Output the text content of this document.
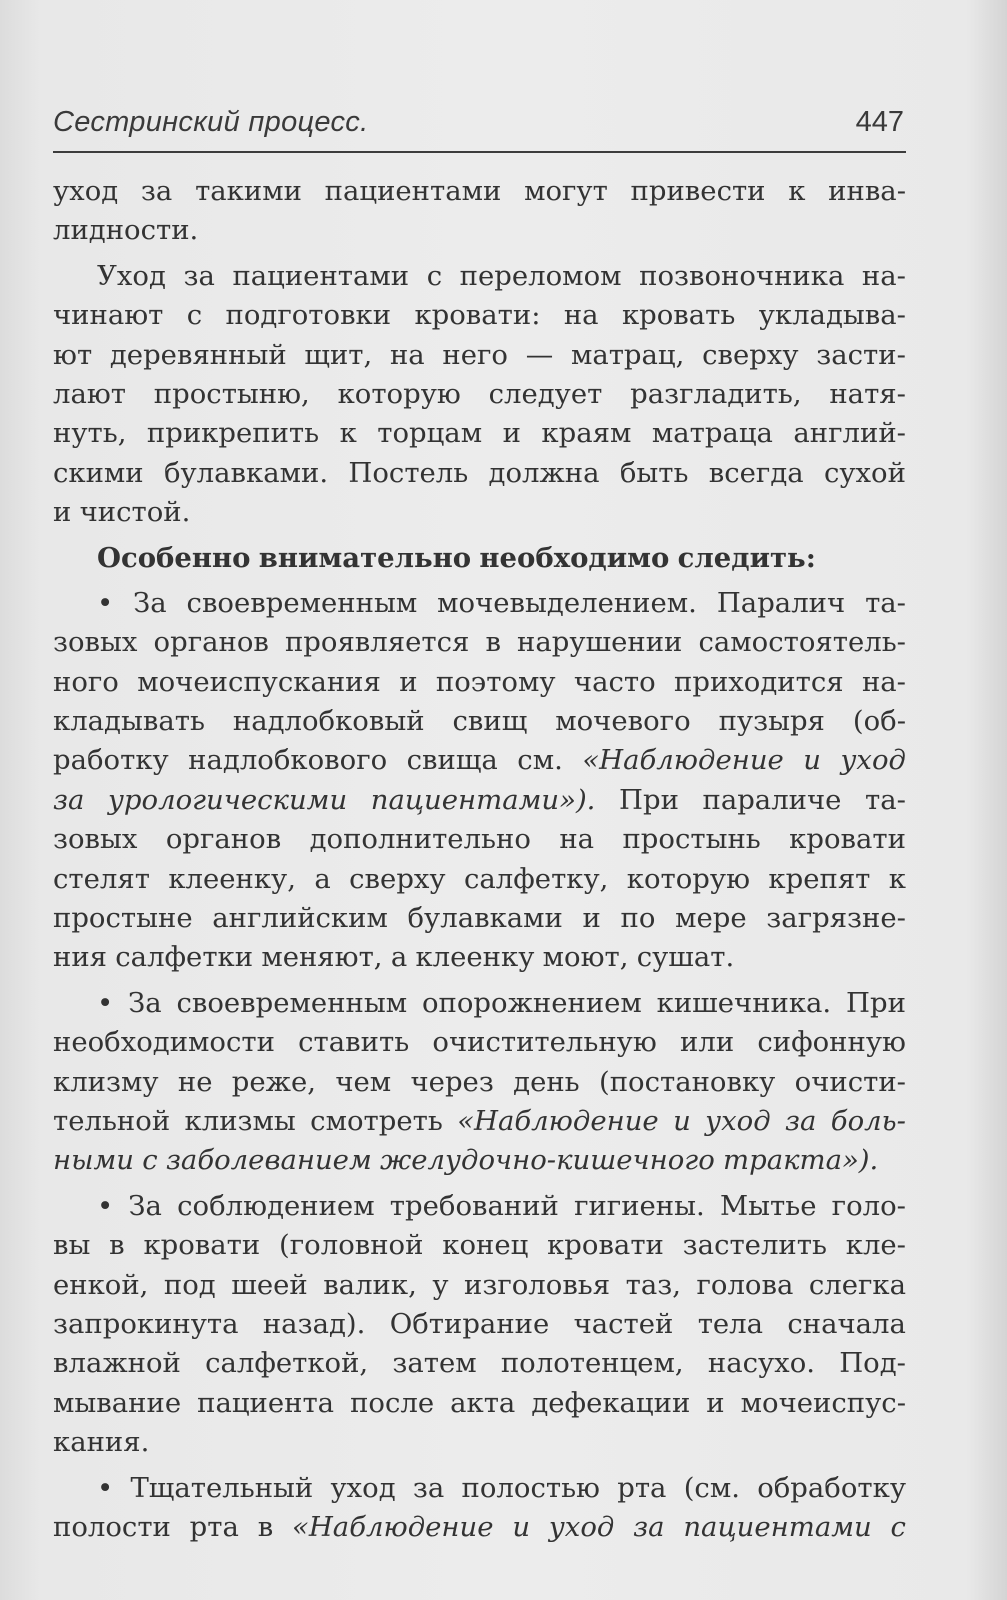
Сестринский процесс.	447
уход за такими пациентами могут привести к инва-
лидности.
Уход за пациентами с переломом позвоночника на-
чинают с подготовки кровати: на кровать укладыва-
ют деревянный щит, на него — матрац, сверху засти-
лают простыню, которую следует разгладить, натя-
нуть, прикрепить к торцам и краям матраца англий-
скими булавками. Постель должна быть всегда сухой
и чистой.
Особенно внимательно необходимо следить:
• За своевременным мочевыделением. Паралич та-
зовых органов проявляется в нарушении самостоятель-
ного мочеиспускания и поэтому часто приходится на-
кладывать надлобковый свищ мочевого пузыря (об-
работку надлобкового свища см. «Наблюдение и уход
за урологическими пациентами»). При параличе та-
зовых органов дополнительно на простынь кровати
стелят клеенку, а сверху салфетку, которую крепят к
простыне английским булавками и по мере загрязне-
ния салфетки меняют, а клеенку моют, сушат.
• За своевременным опорожнением кишечника. При
необходимости ставить очистительную или сифонную
клизму не реже, чем через день (постановку очисти-
тельной клизмы смотреть «Наблюдение и уход за боль-
ными с заболеванием желудочно-кишечного тракта»).
• За соблюдением требований гигиены. Мытье голо-
вы в кровати (головной конец кровати застелить кле-
енкой, под шеей валик, у изголовья таз, голова слегка
запрокинута назад). Обтирание частей тела сначала
влажной салфеткой, затем полотенцем, насухо. Под-
мывание пациента после акта дефекации и мочеиспус-
кания.
• Тщательный уход за полостью рта (см. обработку
полости рта в «Наблюдение и уход за пациентами с
